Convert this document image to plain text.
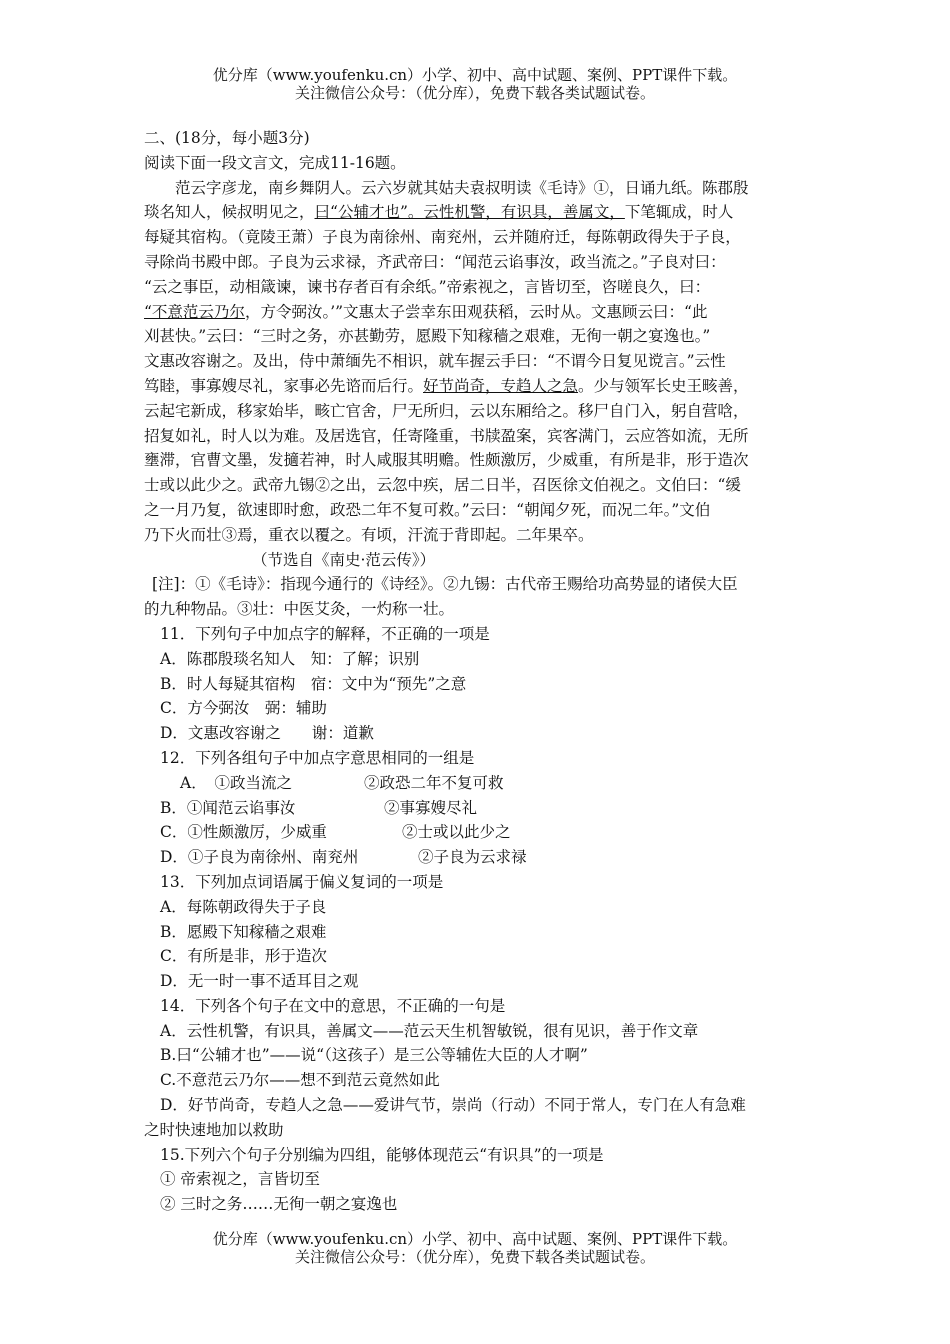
优分库（www.youfenku.cn）小学、初中、高中试题、案例、PPT课件下载。
关注微信公众号：（优分库），免费下载各类试题试卷。
二、(18分，每小题3分)
阅读下面一段文言文，完成11-16题。
范云字彦龙，南乡舞阴人。云六岁就其姑夫袁叔明读《毛诗》①，日诵九纸。陈郡殷
琰名知人，候叔明见之，曰“公辅才也”。云性机警，有识具，善属文，下笔辄成，时人
每疑其宿构。（竟陵王萧）子良为南徐州、南兖州，云并随府迁，每陈朝政得失于子良，
寻除尚书殿中郎。子良为云求禄，齐武帝曰：“闻范云谄事汝，政当流之。”子良对曰：
“云之事臣，动相箴谏，谏书存者百有余纸。”帝索视之，言皆切至，咨嗟良久，曰：
“不意范云乃尔，方令弼汝。’”文惠太子尝幸东田观获稻，云时从。文惠顾云曰：“此
刈甚快。”云曰：“三时之务，亦甚勤劳，愿殿下知稼穑之艰难，无徇一朝之宴逸也。”
文惠改容谢之。及出，侍中萧缅先不相识，就车握云手曰：“不谓今日复见谠言。”云性
笃睦，事寡嫂尽礼，家事必先谘而后行。好节尚奇，专趋人之急。少与领军长史王畡善，
云起宅新成，移家始毕，畡亡官舍，尸无所归，云以东厢给之。移尸自门入，躬自营唅，
招复如礼，时人以为难。及居选官，任寄隆重，书牍盈案，宾客满门，云应答如流，无所
壅滞，官曹文墨，发擿若神，时人咸服其明赡。性颇激厉，少威重，有所是非，形于造次
士或以此少之。武帝九锡②之出，云忽中疾，居二日半，召医徐文伯视之。文伯曰：“缓
之一月乃复，欲速即时愈，政恐二年不复可救。”云曰：“朝闻夕死，而况二年。”文伯
乃下火而壮③焉，重衣以覆之。有顷，汗流于背即起。二年果卒。
（节选自《南史·范云传》）
[注]：①《毛诗》：指现今通行的《诗经》。②九锡：古代帝王赐给功高势显的诸侯大臣
的九种物品。③壮：中医艾灸，一灼称一壮。
11．下列句子中加点字的解释，不正确的一项是
A．陈郡殷琰名知人　知：了解；识别
B．时人每疑其宿构　宿：文中为“预先”之意
C．方今弼汝　弼：辅助
D．文惠改容谢之　　谢：道歉
12．下列各组句子中加点字意思相同的一组是
A．　①政当流之	②政恐二年不复可救
B．①闻范云谄事汝	②事寡嫂尽礼
C．①性颇激厉，少威重	②士或以此少之
D．①子良为南徐州、南兖州	②子良为云求禄
13．下列加点词语属于偏义复词的一项是
A．每陈朝政得失于子良
B．愿殿下知稼穑之艰难
C．有所是非，形于造次
D．无一时一事不适耳目之观
14．下列各个句子在文中的意思，不正确的一句是
A．云性机警，有识具，善属文——范云天生机智敏锐，很有见识，善于作文章
B.曰“公辅才也”——说“（这孩子）是三公等辅佐大臣的人才啊”
C.不意范云乃尔——想不到范云竟然如此
D．好节尚奇，专趋人之急——爱讲气节，崇尚（行动）不同于常人，专门在人有急难
之时快速地加以救助
15.下列六个句子分别编为四组，能够体现范云“有识具”的一项是
① 帝索视之，言皆切至
② 三时之务……无徇一朝之宴逸也
优分库（www.youfenku.cn）小学、初中、高中试题、案例、PPT课件下载。
关注微信公众号：（优分库），免费下载各类试题试卷。
